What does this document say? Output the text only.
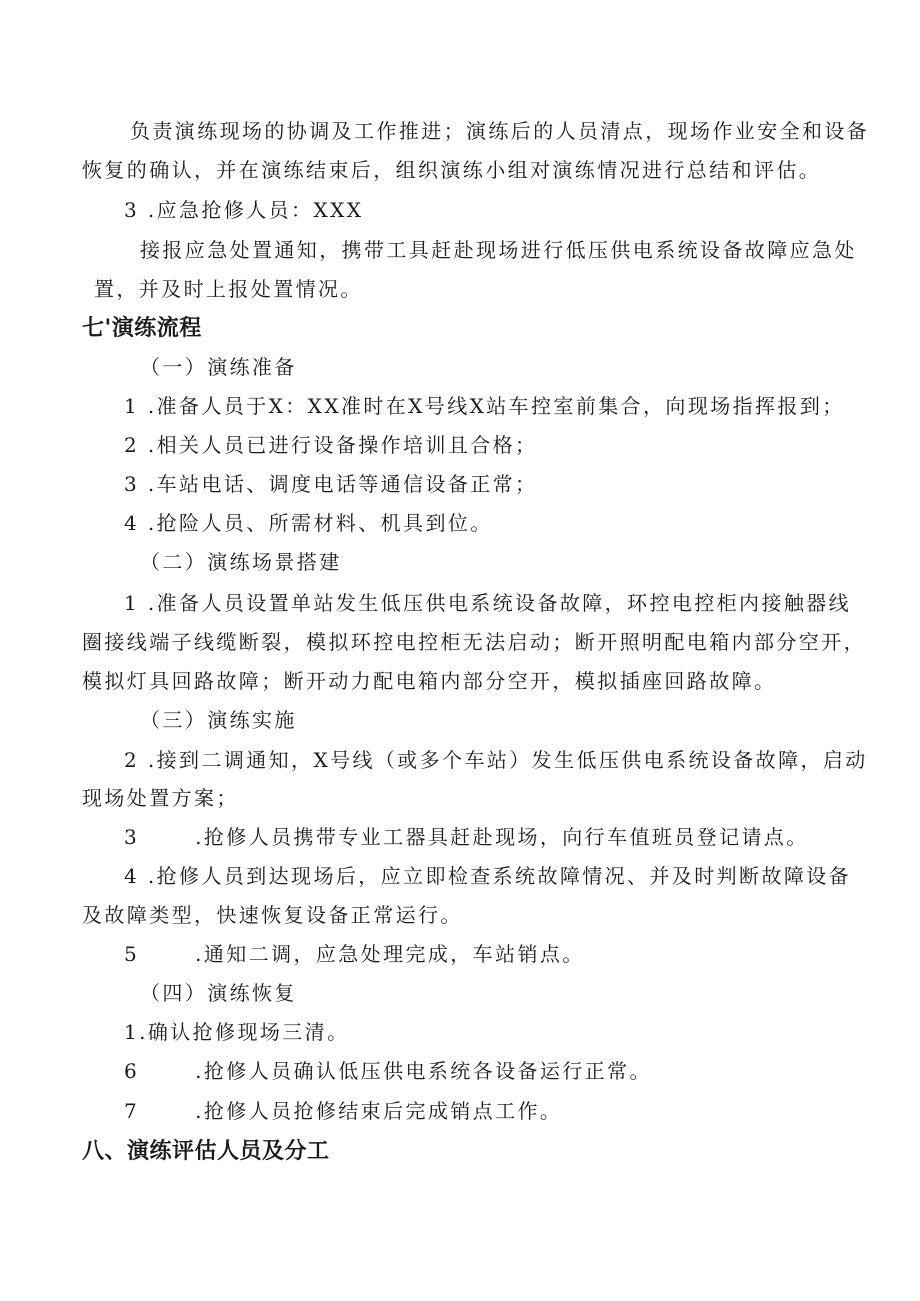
负责演练现场的协调及工作推进；演练后的人员清点，现场作业安全和设备
恢复的确认，并在演练结束后，组织演练小组对演练情况进行总结和评估。
3 .应急抢修人员：XXX
接报应急处置通知，携带工具赶赴现场进行低压供电系统设备故障应急处
置，并及时上报处置情况。
七'演练流程
（一）演练准备
1 .准备人员于X：XX准时在X号线X站车控室前集合，向现场指挥报到；
2 .相关人员已进行设备操作培训且合格；
3 .车站电话、调度电话等通信设备正常；
4 .抢险人员、所需材料、机具到位。
（二）演练场景搭建
1 .准备人员设置单站发生低压供电系统设备故障，环控电控柜内接触器线
圈接线端子线缆断裂，模拟环控电控柜无法启动；断开照明配电箱内部分空开，
模拟灯具回路故障；断开动力配电箱内部分空开，模拟插座回路故障。
（三）演练实施
2 .接到二调通知，X号线（或多个车站）发生低压供电系统设备故障，启动
现场处置方案；
3	.抢修人员携带专业工器具赶赴现场，向行车值班员登记请点。
4 .抢修人员到达现场后，应立即检查系统故障情况、并及时判断故障设备
及故障类型，快速恢复设备正常运行。
5	.通知二调，应急处理完成，车站销点。
（四）演练恢复
1.确认抢修现场三清。
6	.抢修人员确认低压供电系统各设备运行正常。
7	.抢修人员抢修结束后完成销点工作。
八、演练评估人员及分工
